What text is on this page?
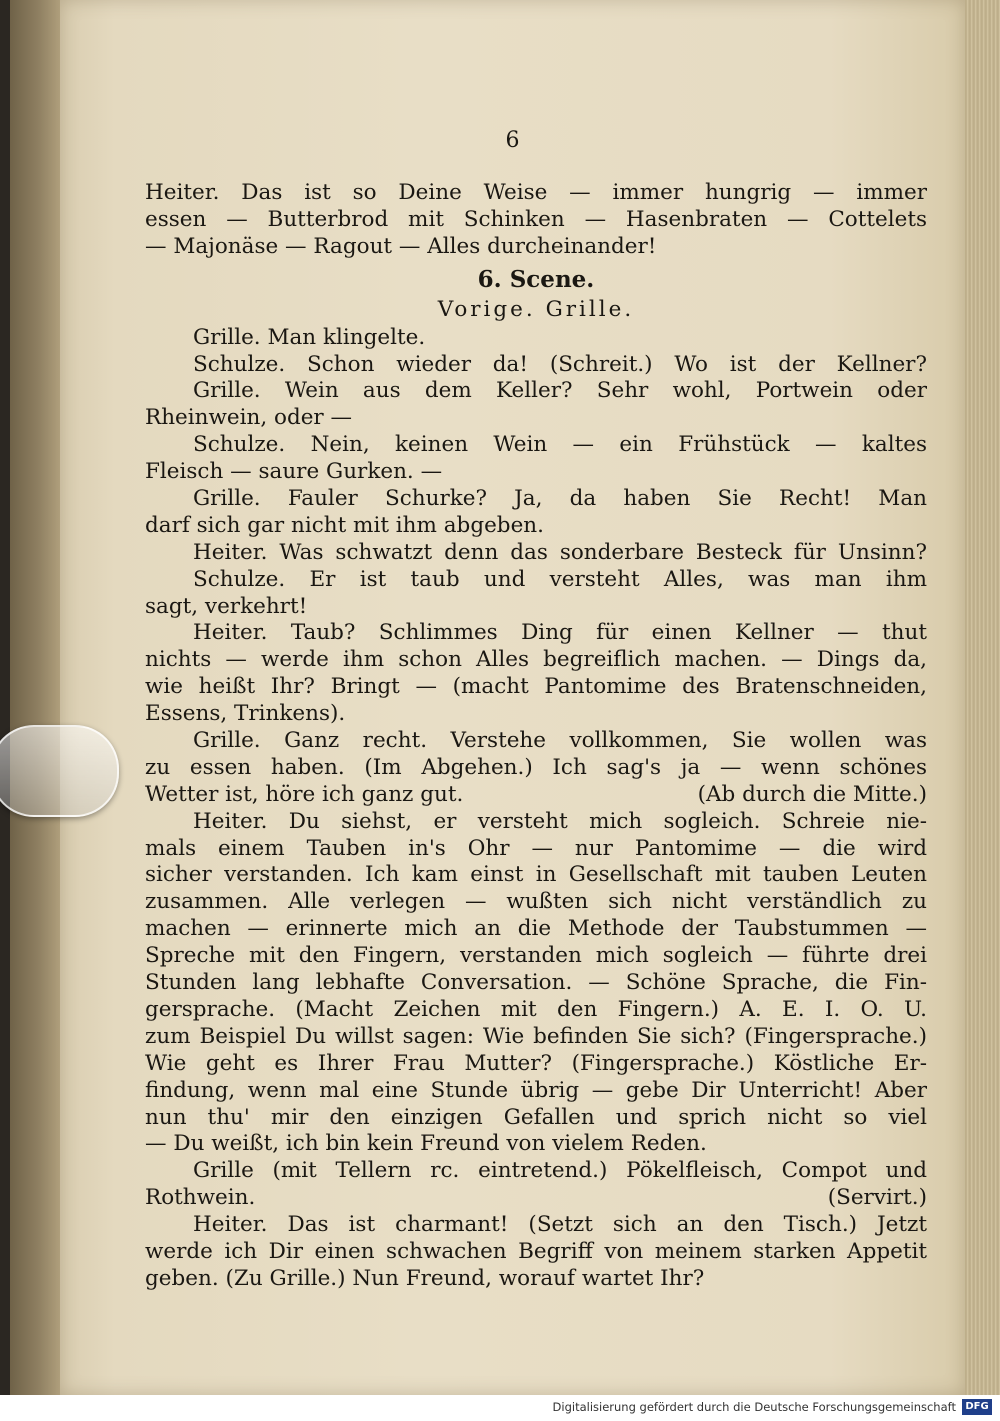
6
Heiter. Das ist so Deine Weise — immer hungrig — immer
essen — Butterbrod mit Schinken — Hasenbraten — Cottelets
— Majonäse — Ragout — Alles durcheinander!
6. Scene.
Vorige. Grille.
Grille. Man klingelte.
Schulze. Schon wieder da! (Schreit.) Wo ist der Kellner?
Grille. Wein aus dem Keller? Sehr wohl, Portwein oder
Rheinwein, oder —
Schulze. Nein, keinen Wein — ein Frühstück — kaltes
Fleisch — saure Gurken. —
Grille. Fauler Schurke? Ja, da haben Sie Recht! Man
darf sich gar nicht mit ihm abgeben.
Heiter. Was schwatzt denn das sonderbare Besteck für Unsinn?
Schulze. Er ist taub und versteht Alles, was man ihm
sagt, verkehrt!
Heiter. Taub? Schlimmes Ding für einen Kellner — thut
nichts — werde ihm schon Alles begreiflich machen. — Dings da,
wie heißt Ihr? Bringt — (macht Pantomime des Bratenschneiden,
Essens, Trinkens).
Grille. Ganz recht. Verstehe vollkommen, Sie wollen was
zu essen haben. (Im Abgehen.) Ich sag's ja — wenn schönes
Wetter ist, höre ich ganz gut.	(Ab durch die Mitte.)
Heiter. Du siehst, er versteht mich sogleich. Schreie nie-
mals einem Tauben in's Ohr — nur Pantomime — die wird
sicher verstanden. Ich kam einst in Gesellschaft mit tauben Leuten
zusammen. Alle verlegen — wußten sich nicht verständlich zu
machen — erinnerte mich an die Methode der Taubstummen —
Spreche mit den Fingern, verstanden mich sogleich — führte drei
Stunden lang lebhafte Conversation. — Schöne Sprache, die Fin-
gersprache. (Macht Zeichen mit den Fingern.) A. E. I. O. U.
zum Beispiel Du willst sagen: Wie befinden Sie sich? (Fingersprache.)
Wie geht es Ihrer Frau Mutter? (Fingersprache.) Köstliche Er-
findung, wenn mal eine Stunde übrig — gebe Dir Unterricht! Aber
nun thu' mir den einzigen Gefallen und sprich nicht so viel
— Du weißt, ich bin kein Freund von vielem Reden.
Grille (mit Tellern rc. eintretend.) Pökelfleisch, Compot und
Rothwein.	(Servirt.)
Heiter. Das ist charmant! (Setzt sich an den Tisch.) Jetzt
werde ich Dir einen schwachen Begriff von meinem starken Appetit
geben. (Zu Grille.) Nun Freund, worauf wartet Ihr?
Digitalisierung gefördert durch die Deutsche Forschungsgemeinschaft DFG
